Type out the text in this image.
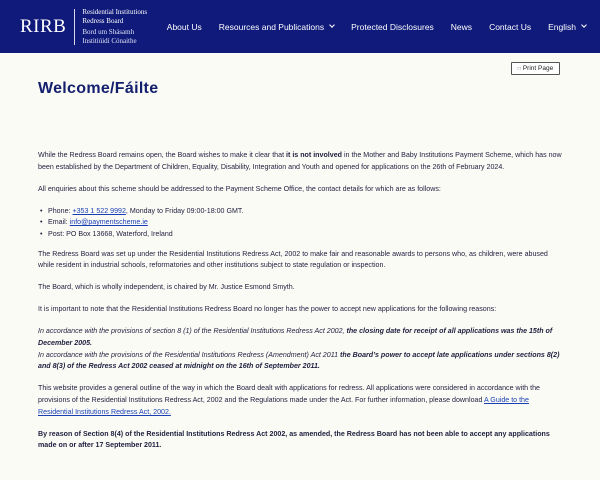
RIRB
Residential Institutions
Redress Board
Bord um Shásamh
Institiúidí Cónaithe
About Us Resources and Publications	Protected Disclosures News Contact Us English
□ Print Page
Welcome/Fáilte

While the Redress Board remains open, the Board wishes to make it clear that it is not involved in the Mother and Baby Institutions Payment Scheme, which has now been established by the Department of Children, Equality, Disability, Integration and Youth and opened for applications on the 26th of February 2024.

All enquiries about this scheme should be addressed to the Payment Scheme Office, the contact details for which are as follows:

• Phone: +353 1 522 9992, Monday to Friday 09:00-18:00 GMT.
• Email: info@paymentscheme.ie
• Post: PO Box 13668, Waterford, Ireland

The Redress Board was set up under the Residential Institutions Redress Act, 2002 to make fair and reasonable awards to persons who, as children, were abused while resident in industrial schools, reformatories and other institutions subject to state regulation or inspection.

The Board, which is wholly independent, is chaired by Mr. Justice Esmond Smyth.

It is important to note that the Residential Institutions Redress Board no longer has the power to accept new applications for the following reasons:

In accordance with the provisions of section 8 (1) of the Residential Institutions Redress Act 2002, the closing date for receipt of all applications was the 15th of December 2005.
In accordance with the provisions of the Residential Institutions Redress (Amendment) Act 2011 the Board’s power to accept late applications under sections 8(2) and 8(3) of the Redress Act 2002 ceased at midnight on the 16th of September 2011.

This website provides a general outline of the way in which the Board dealt with applications for redress. All applications were considered in accordance with the provisions of the Residential Institutions Redress Act, 2002 and the Regulations made under the Act. For further information, please download A Guide to the Residential Institutions Redress Act, 2002.

By reason of Section 8(4) of the Residential Institutions Redress Act 2002, as amended, the Redress Board has not been able to accept any applications made on or after 17 September 2011.
